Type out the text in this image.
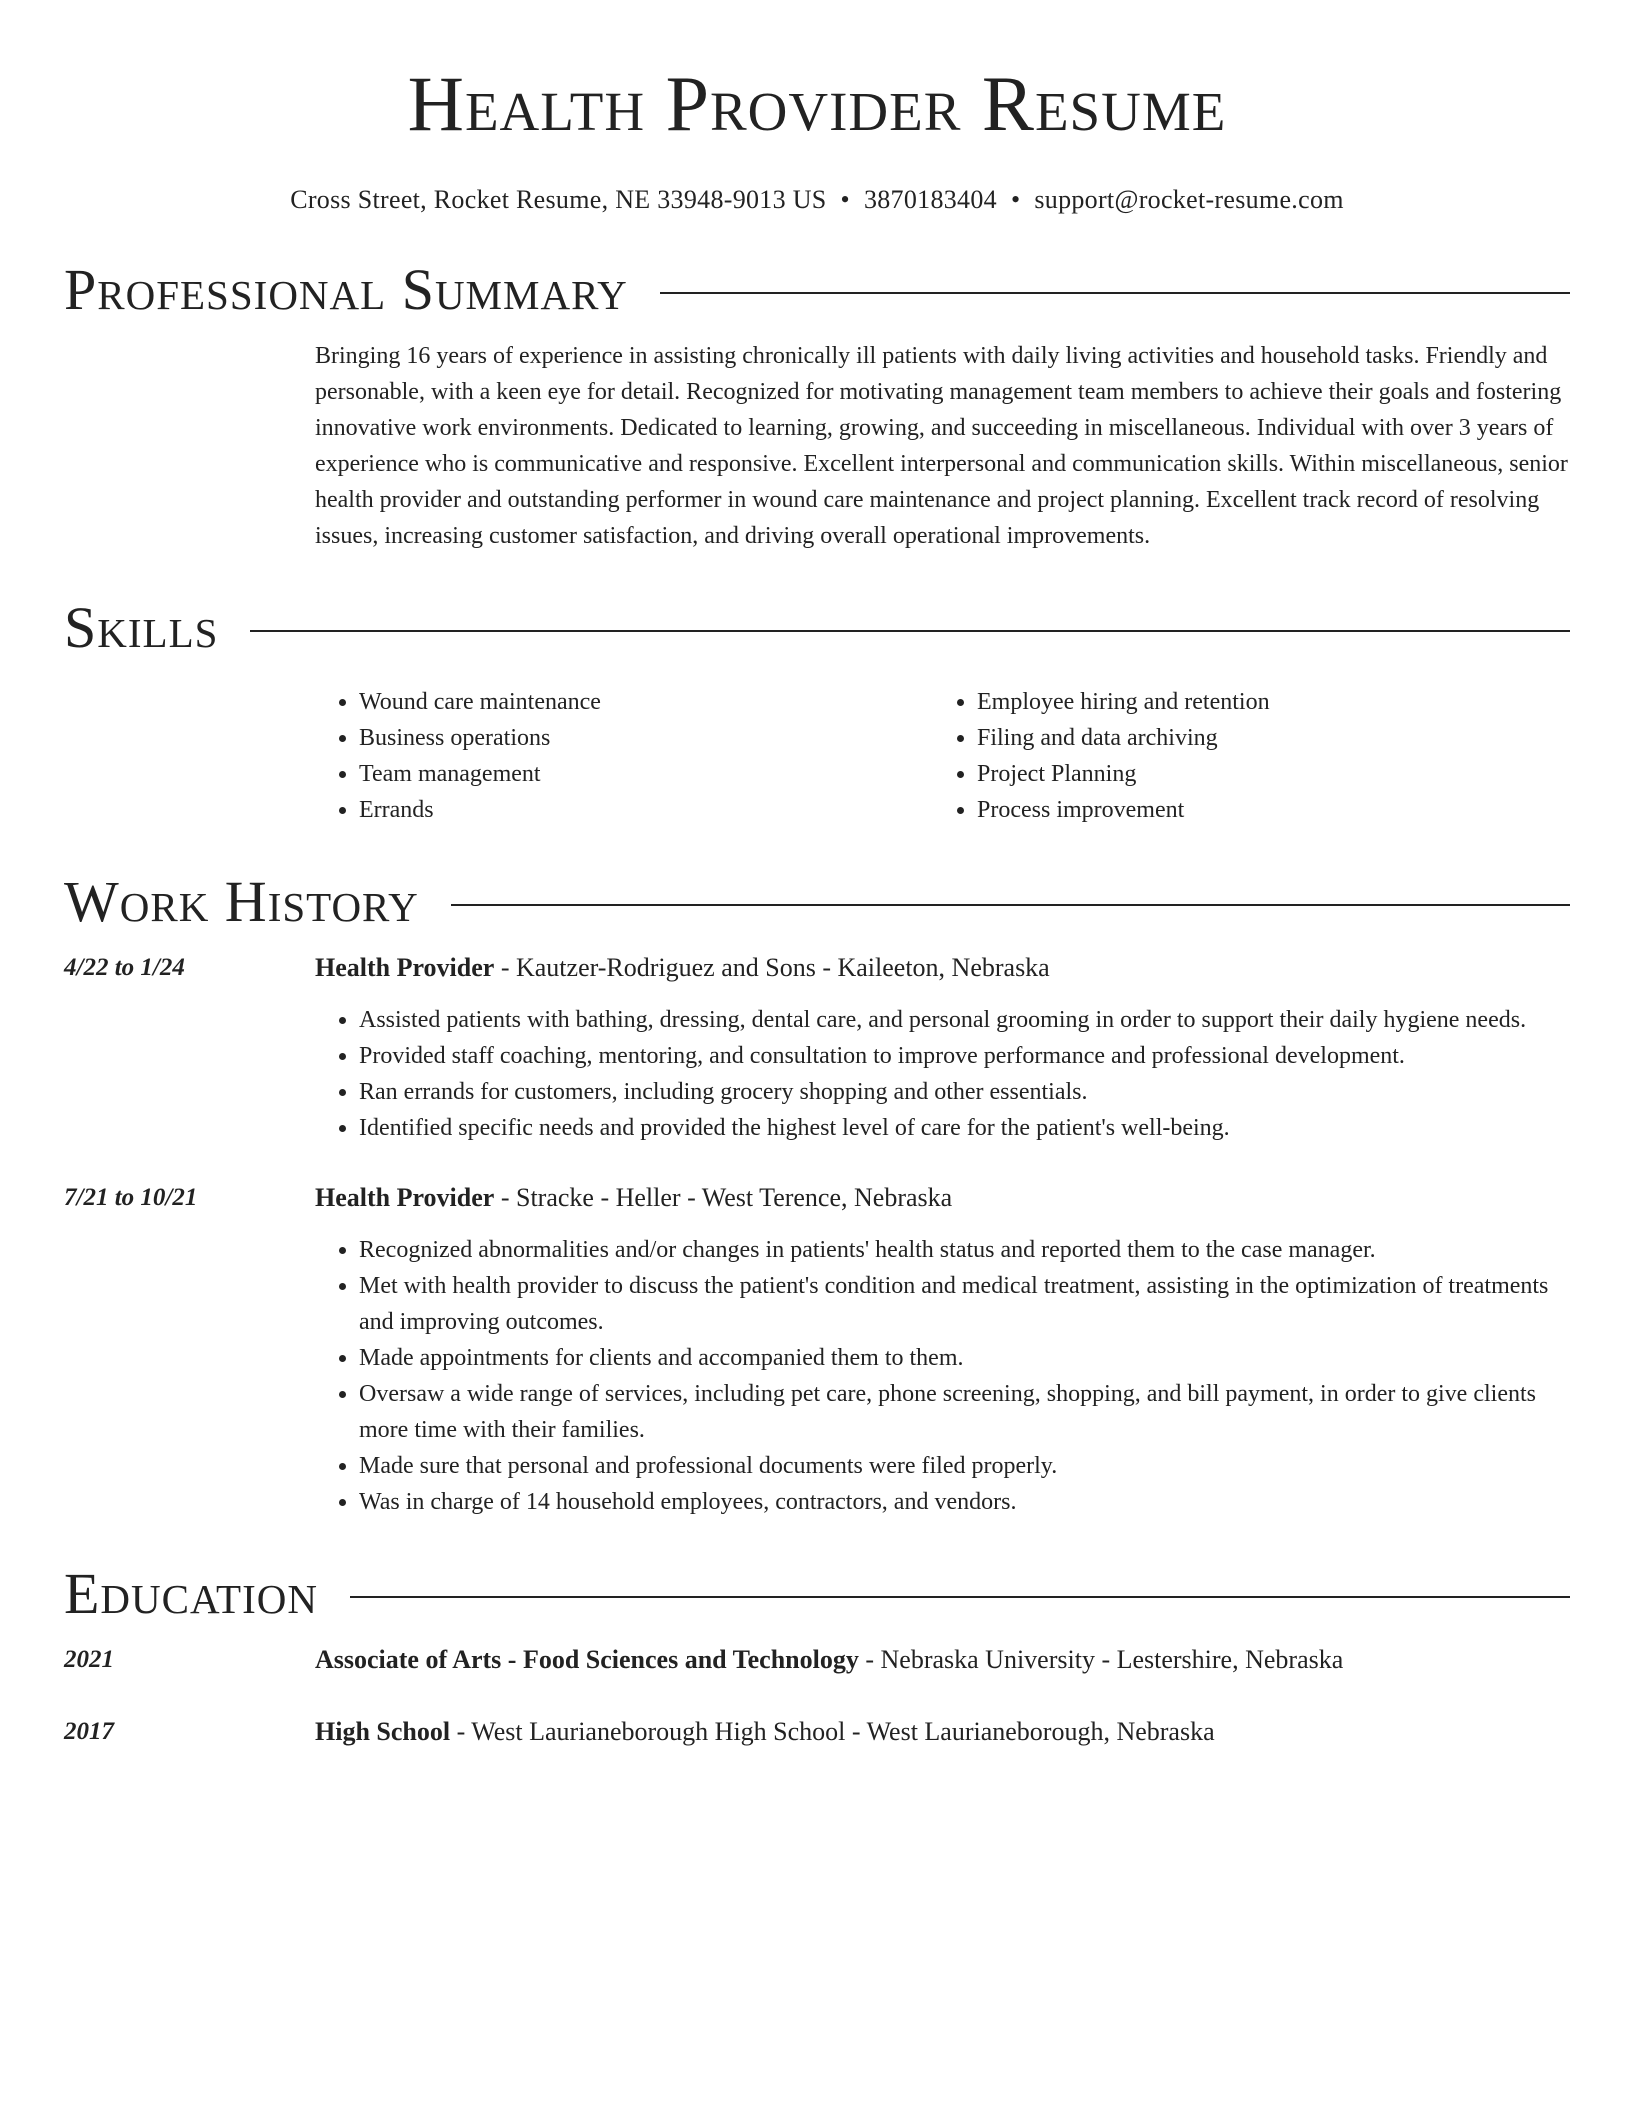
Health Provider Resume
Cross Street, Rocket Resume, NE 33948-9013 US • 3870183404 • support@rocket-resume.com
Professional Summary
Bringing 16 years of experience in assisting chronically ill patients with daily living activities and household tasks. Friendly and personable, with a keen eye for detail. Recognized for motivating management team members to achieve their goals and fostering innovative work environments. Dedicated to learning, growing, and succeeding in miscellaneous. Individual with over 3 years of experience who is communicative and responsive. Excellent interpersonal and communication skills. Within miscellaneous, senior health provider and outstanding performer in wound care maintenance and project planning. Excellent track record of resolving issues, increasing customer satisfaction, and driving overall operational improvements.
Skills
• Wound care maintenance
• Business operations
• Team management
• Errands
• Employee hiring and retention
• Filing and data archiving
• Project Planning
• Process improvement
Work History
4/22 to 1/24	Health Provider - Kautzer-Rodriguez and Sons - Kaileeton, Nebraska
• Assisted patients with bathing, dressing, dental care, and personal grooming in order to support their daily hygiene needs.
• Provided staff coaching, mentoring, and consultation to improve performance and professional development.
• Ran errands for customers, including grocery shopping and other essentials.
• Identified specific needs and provided the highest level of care for the patient's well-being.
7/21 to 10/21	Health Provider - Stracke - Heller - West Terence, Nebraska
• Recognized abnormalities and/or changes in patients' health status and reported them to the case manager.
• Met with health provider to discuss the patient's condition and medical treatment, assisting in the optimization of treatments and improving outcomes.
• Made appointments for clients and accompanied them to them.
• Oversaw a wide range of services, including pet care, phone screening, shopping, and bill payment, in order to give clients more time with their families.
• Made sure that personal and professional documents were filed properly.
• Was in charge of 14 household employees, contractors, and vendors.
Education
2021	Associate of Arts - Food Sciences and Technology - Nebraska University - Lestershire, Nebraska
2017	High School - West Laurianeborough High School - West Laurianeborough, Nebraska
